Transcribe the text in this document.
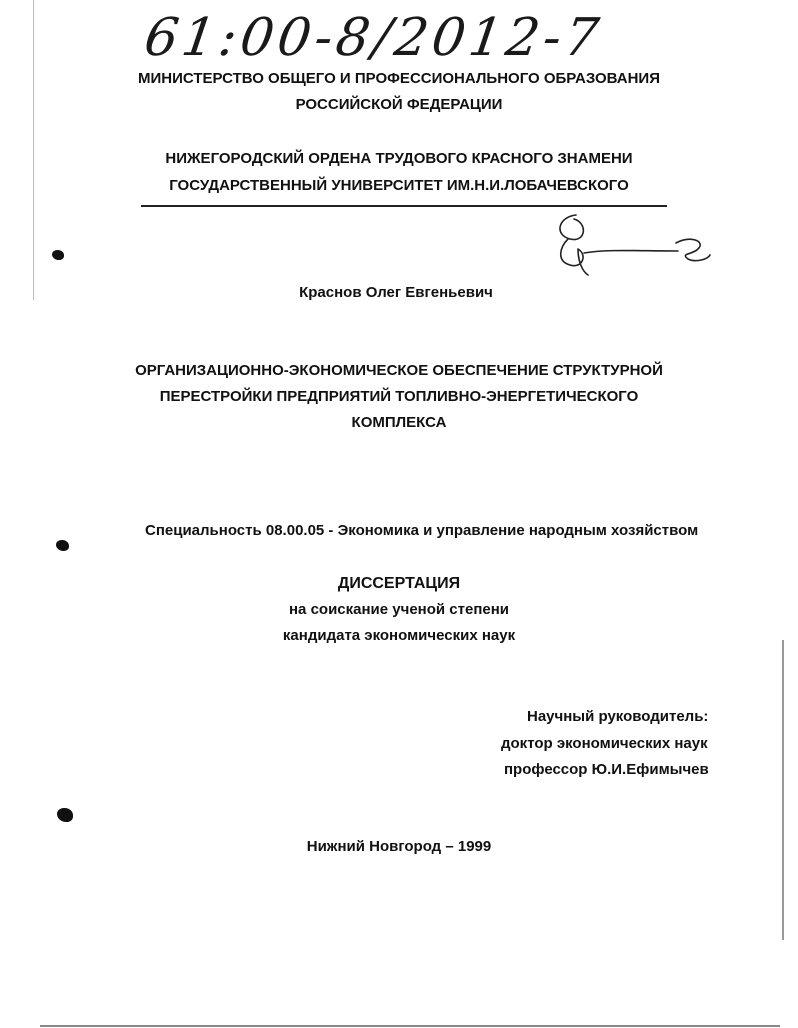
61:00-8/2012-7
МИНИСТЕРСТВО ОБЩЕГО И ПРОФЕССИОНАЛЬНОГО ОБРАЗОВАНИЯ
РОССИЙСКОЙ ФЕДЕРАЦИИ
НИЖЕГОРОДСКИЙ ОРДЕНА ТРУДОВОГО КРАСНОГО ЗНАМЕНИ
ГОСУДАРСТВЕННЫЙ УНИВЕРСИТЕТ ИМ.Н.И.ЛОБАЧЕВСКОГО
Краснов Олег Евгеньевич
ОРГАНИЗАЦИОННО-ЭКОНОМИЧЕСКОЕ ОБЕСПЕЧЕНИЕ СТРУКТУРНОЙ
ПЕРЕСТРОЙКИ ПРЕДПРИЯТИЙ ТОПЛИВНО-ЭНЕРГЕТИЧЕСКОГО
КОМПЛЕКСА
Специальность 08.00.05 - Экономика и управление народным хозяйством
ДИССЕРТАЦИЯ
на соискание ученой степени
кандидата экономических наук
Научный руководитель:
доктор экономических наук
профессор Ю.И.Ефимычев
Нижний Новгород – 1999
